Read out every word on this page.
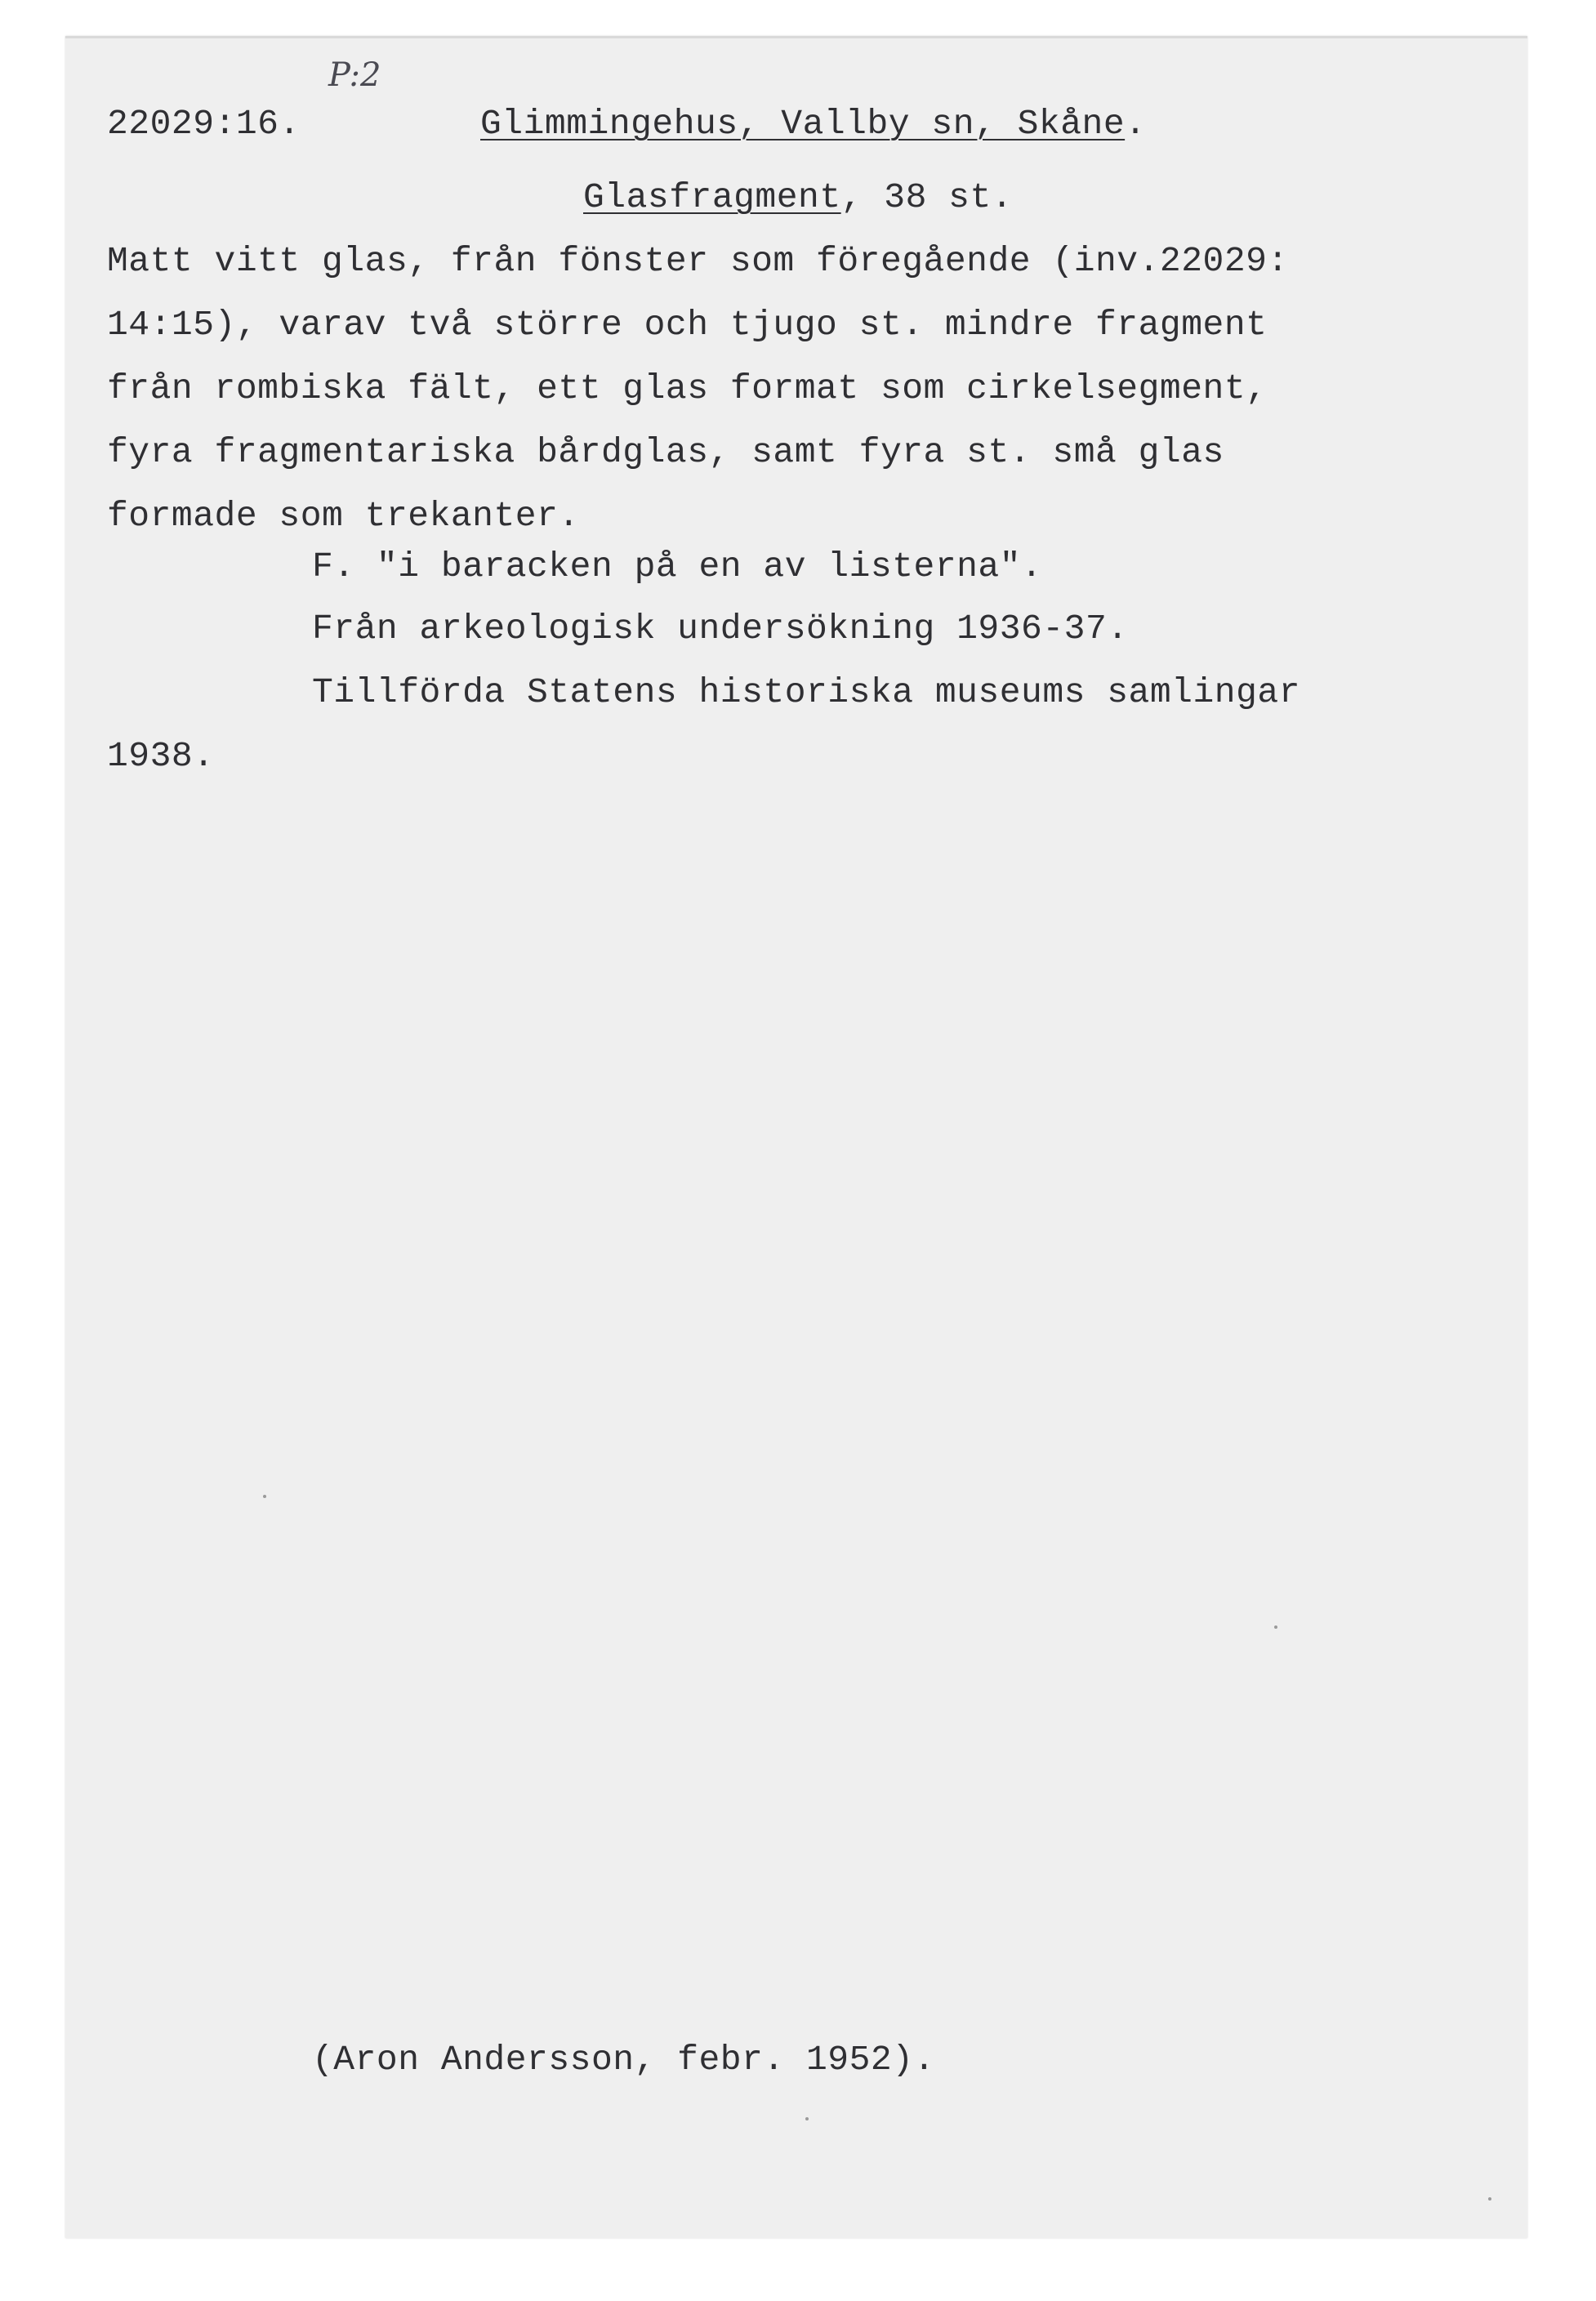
P:2
22029:16.	Glimmingehus, Vallby sn, Skåne.
Glasfragment, 38 st.
Matt vitt glas, från fönster som föregående (inv.22029:
14:15), varav två större och tjugo st. mindre fragment
från rombiska fält, ett glas format som cirkelsegment,
fyra fragmentariska bårdglas, samt fyra st. små glas
formade som trekanter.
F. "i baracken på en av listerna".
Från arkeologisk undersökning 1936-37.
Tillförda Statens historiska museums samlingar
1938.
(Aron Andersson, febr. 1952).
